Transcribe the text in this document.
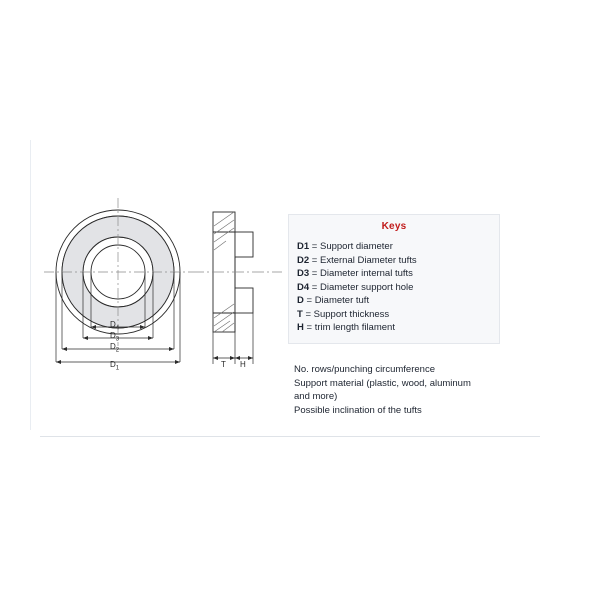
$D_4$
$D_3$
$D_2$
$D_1$	T H
Keys
D1 = Support diameter
D2 = External Diameter tufts
D3 = Diameter internal tufts
D4 = Diameter support hole
D = Diameter tuft
T = Support thickness
H = trim length filament
No. rows/punching circumference
Support material (plastic, wood, aluminum
and more)
Possible inclination of the tufts
